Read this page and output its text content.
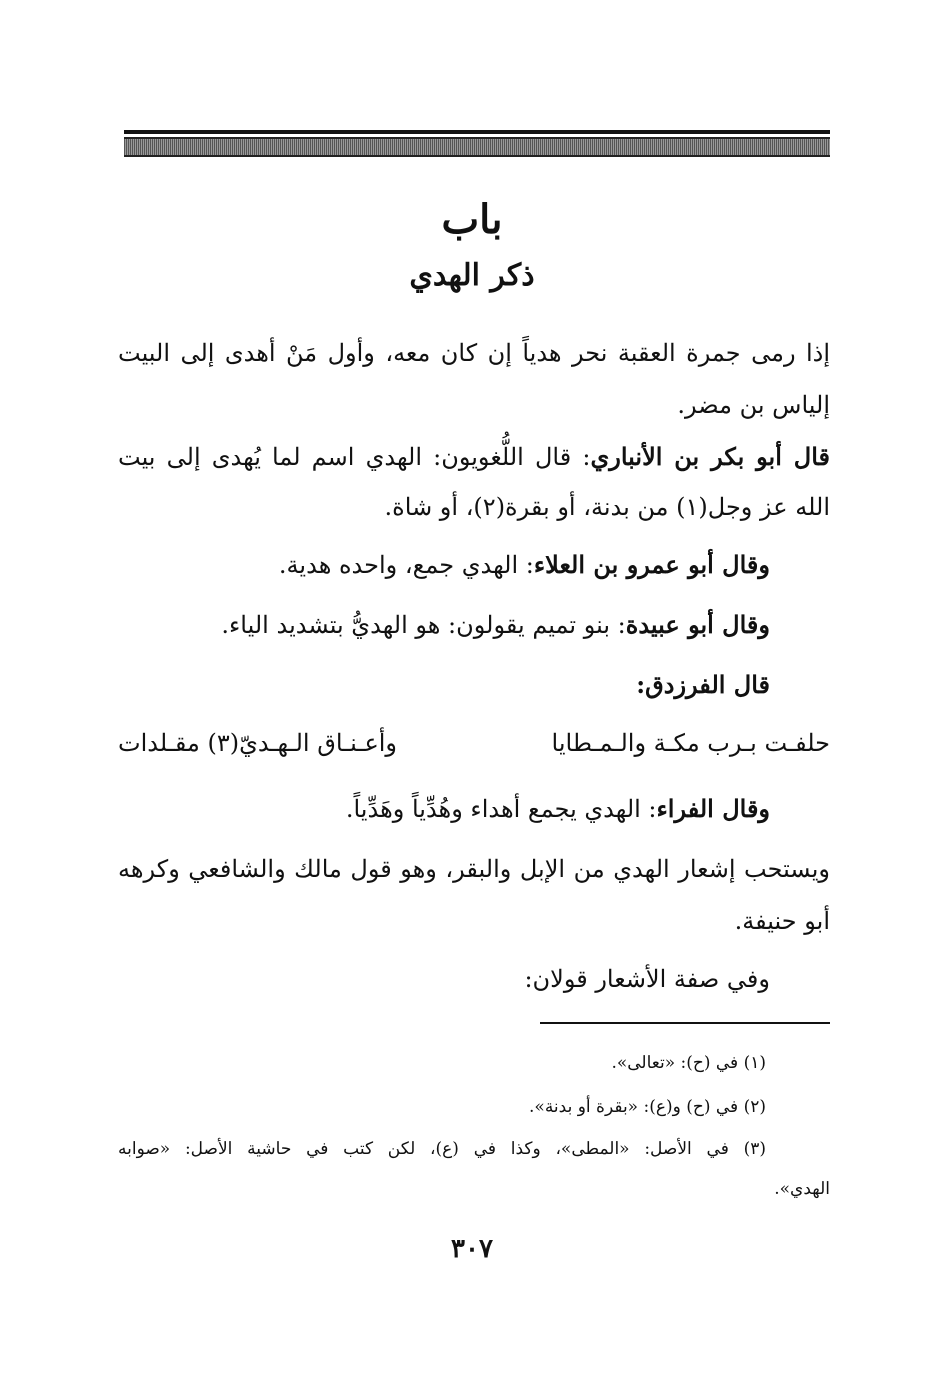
باب
ذكر الهدي
إذا رمى جمرة العقبة نحر هدياً إن كان معه، وأول مَنْ أهدى إلى البيت
إلياس بن مضر.
قال أبو بكر بن الأنباري: قال اللُّغويون: الهدي اسم لما يُهدى إلى بيت
الله عز وجل(١) من بدنة، أو بقرة(٢)، أو شاة.
وقال أبو عمرو بن العلاء: الهدي جمع، واحده هدية.
وقال أبو عبيدة: بنو تميم يقولون: هو الهديُّ بتشديد الياء.
قال الفرزدق:
حلفـت بـرب مكـة والـمـطايا
وأعـنـاق الـهـديّ(٣) مقـلدات
وقال الفراء: الهدي يجمع أهداء وهُدِّياً وهَدِّياً.
ويستحب إشعار الهدي من الإبل والبقر، وهو قول مالك والشافعي وكرهه
أبو حنيفة.
وفي صفة الأشعار قولان:
(١) في (ح): «تعالى».
(٢) في (ح) و(ع): «بقرة أو بدنة».
(٣) في الأصل: «المطى»، وكذا في (ع)، لكن كتب في حاشية الأصل: «صوابه
الهدي».
٣٠٧
